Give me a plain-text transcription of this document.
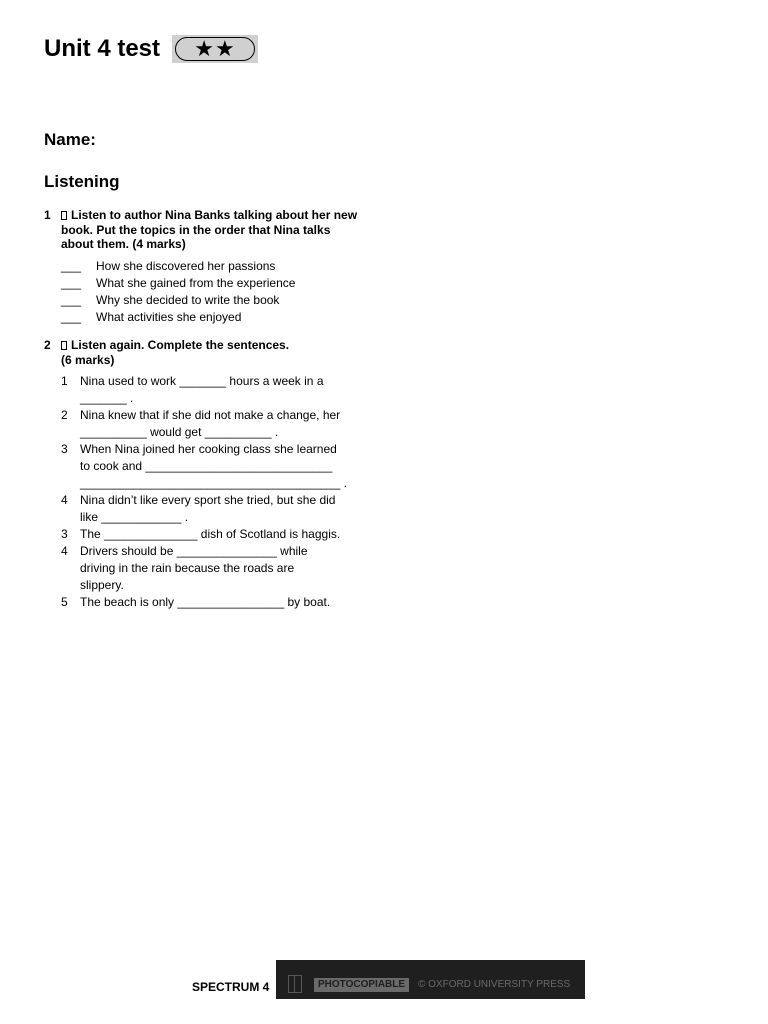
Unit 4 test	★★
Name:
Listening
1	Listen to author Nina Banks talking about her new book. Put the topics in the order that Nina talks about them. (4 marks)
___	How she discovered her passions
___	What she gained from the experience
___	Why she decided to write the book
___	What activities she enjoyed
2	Listen again. Complete the sentences.
(6 marks)
1	Nina used to work _______ hours a week in a
_______ .
2	Nina knew that if she did not make a change, her
__________ would get __________ .
3	When Nina joined her cooking class she learned
to cook and ____________________________
_______________________________________ .
4	Nina didn’t like every sport she tried, but she did
like ____________ .
3	The ______________ dish of Scotland is haggis.
4	Drivers should be _______________ while
driving in the rain because the roads are
slippery.
5	The beach is only ________________ by boat.
SPECTRUM 4	PHOTOCOPIABLE	© OXFORD UNIVERSITY PRESS
